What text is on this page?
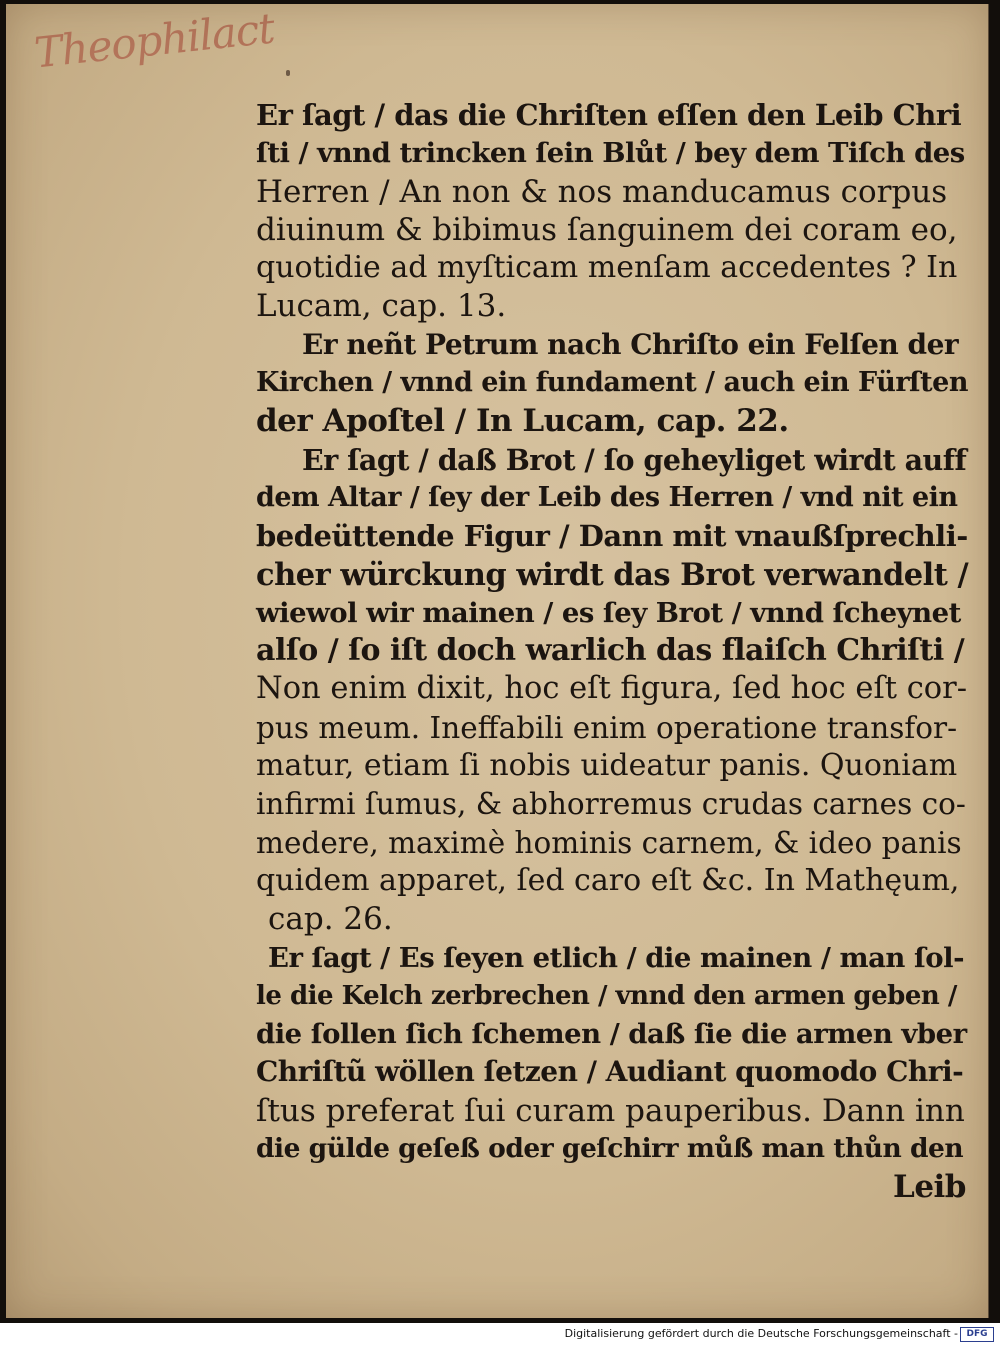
Theophilact
Er ſagt / das die Chriſten eſſen den Leib Chri
ſti / vnnd trincken ſein Blůt / bey dem Tiſch des
Herren / An non & nos manducamus corpus
diuinum & bibimus ſanguinem dei coram eo,
quotidie ad myſticam menſam accedentes ? In
Lucam, cap. 13.
Er neñt Petrum nach Chriſto ein Felſen der
Kirchen / vnnd ein fundament / auch ein Fürſten
der Apoſtel / In Lucam, cap. 22.
Er ſagt / daß Brot / ſo geheyliget wirdt auff
dem Altar / ſey der Leib des Herren / vnd nit ein
bedeüttende Figur / Dann mit vnaußſprechli-
cher würckung wirdt das Brot verwandelt /
wiewol wir mainen / es ſey Brot / vnnd ſcheynet
alſo / ſo iſt doch warlich das flaiſch Chriſti /
Non enim dixit, hoc eſt figura, ſed hoc eſt cor-
pus meum. Ineffabili enim operatione transfor-
matur, etiam ſi nobis uideatur panis. Quoniam
infirmi ſumus, & abhorremus crudas carnes co-
medere, maximè hominis carnem, & ideo panis
quidem apparet, ſed caro eſt &c. In Mathęum,
cap. 26.
Er ſagt / Es ſeyen etlich / die mainen / man ſol-
le die Kelch zerbrechen / vnnd den armen geben /
die ſollen ſich ſchemen / daß ſie die armen vber
Chriſtũ wöllen ſetzen / Audiant quomodo Chri-
ſtus preferat ſui curam pauperibus. Dann inn
die gülde geſeß oder geſchirr můß man thůn den
Leib
Digitalisierung gefördert durch die Deutsche Forschungsgemeinschaft - DFG
